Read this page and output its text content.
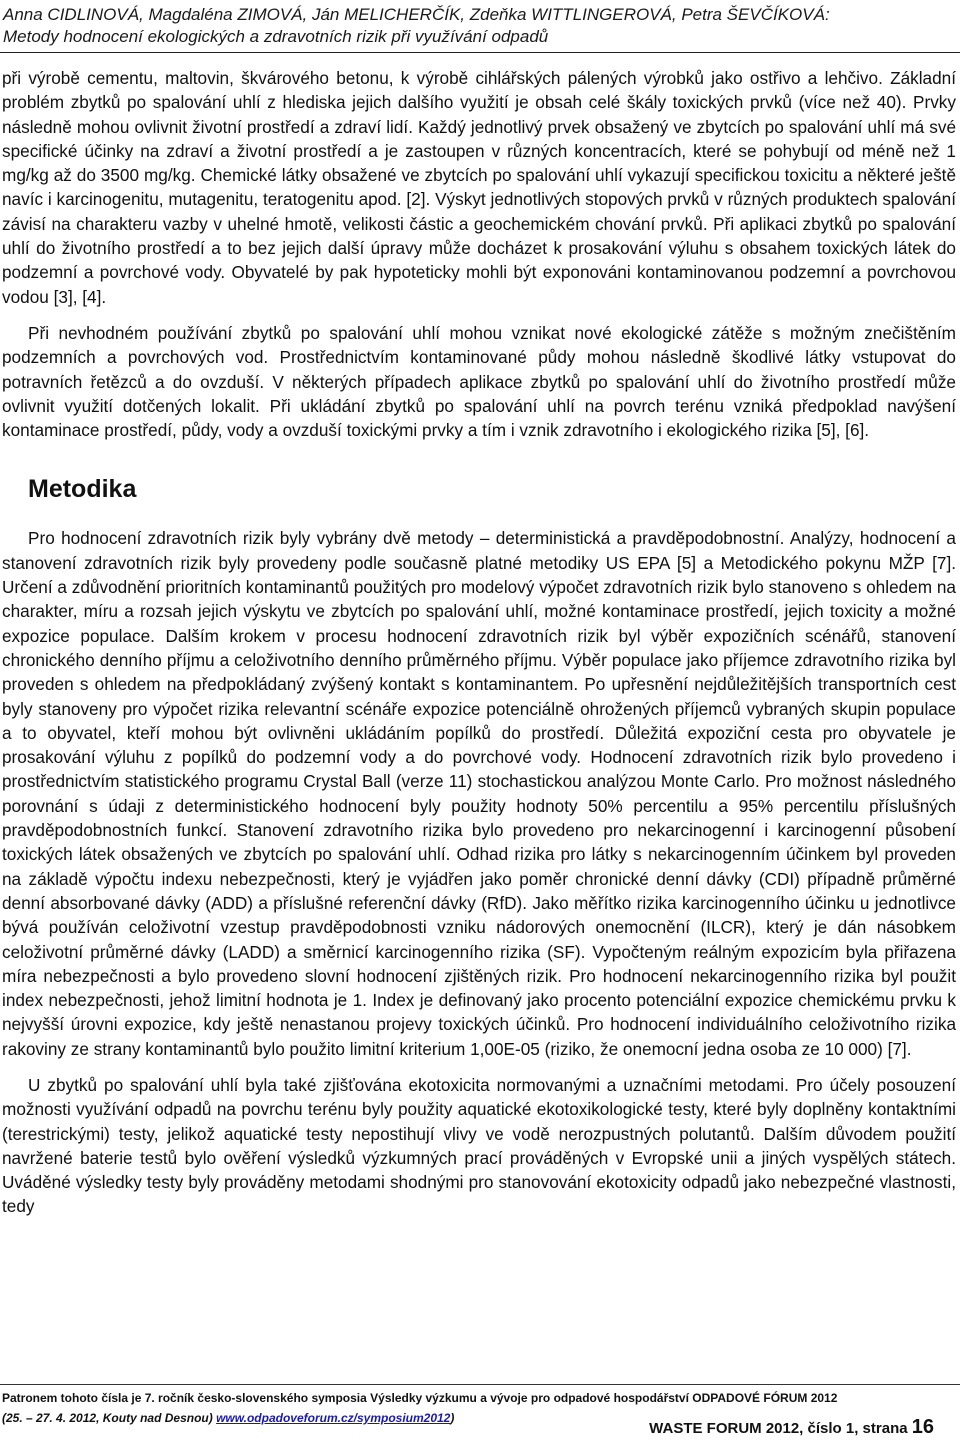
Anna CIDLINOVÁ, Magdaléna ZIMOVÁ, Ján MELICHERČÍK, Zdeňka WITTLINGEROVÁ, Petra ŠEVČÍKOVÁ:
Metody hodnocení ekologických a zdravotních rizik při využívání odpadů

při výrobě cementu, maltovin, škvárového betonu, k výrobě cihlářských pálených výrobků jako ostřivo a lehčivo. Základní problém zbytků po spalování uhlí z hlediska jejich dalšího využití je obsah celé škály toxických prvků (více než 40). Prvky následně mohou ovlivnit životní prostředí a zdraví lidí. Každý jednotlivý prvek obsažený ve zbytcích po spalování uhlí má své specifické účinky na zdraví a životní prostředí a je zastoupen v různých koncentracích, které se pohybují od méně než 1 mg/kg až do 3500 mg/kg. Chemické látky obsažené ve zbytcích po spalování uhlí vykazují specifickou toxicitu a některé ještě navíc i karcinogenitu, mutagenitu, teratogenitu apod. [2]. Výskyt jednotlivých stopových prvků v různých produktech spalování závisí na charakteru vazby v uhelné hmotě, velikosti částic a geochemickém chování prvků. Při aplikaci zbytků po spalování uhlí do životního prostředí a to bez jejich další úpravy může docházet k prosakování výluhu s obsahem toxických látek do podzemní a povrchové vody. Obyvatelé by pak hypoteticky mohli být exponováni kontaminovanou podzemní a povrchovou vodou [3], [4].

Při nevhodném používání zbytků po spalování uhlí mohou vznikat nové ekologické zátěže s možným znečištěním podzemních a povrchových vod. Prostřednictvím kontaminované půdy mohou následně škodlivé látky vstupovat do potravních řetězců a do ovzduší. V některých případech aplikace zbytků po spalování uhlí do životního prostředí může ovlivnit využití dotčených lokalit. Při ukládání zbytků po spalování uhlí na povrch terénu vzniká předpoklad navýšení kontaminace prostředí, půdy, vody a ovzduší toxickými prvky a tím i vznik zdravotního i ekologického rizika [5], [6].

Metodika

Pro hodnocení zdravotních rizik byly vybrány dvě metody – deterministická a pravděpodobnostní. Analýzy, hodnocení a stanovení zdravotních rizik byly provedeny podle současně platné metodiky US EPA [5] a Metodického pokynu MŽP [7]. Určení a zdůvodnění prioritních kontaminantů použitých pro modelový výpočet zdravotních rizik bylo stanoveno s ohledem na charakter, míru a rozsah jejich výskytu ve zbytcích po spalování uhlí, možné kontaminace prostředí, jejich toxicity a možné expozice populace. Dalším krokem v procesu hodnocení zdravotních rizik byl výběr expozičních scénářů, stanovení chronického denního příjmu a celoživotního denního průměrného příjmu. Výběr populace jako příjemce zdravotního rizika byl proveden s ohledem na předpokládaný zvýšený kontakt s kontaminantem. Po upřesnění nejdůležitějších transportních cest byly stanoveny pro výpočet rizika relevantní scénáře expozice potenciálně ohrožených příjemců vybraných skupin populace a to obyvatel, kteří mohou být ovlivněni ukládáním popílků do prostředí. Důležitá expoziční cesta pro obyvatele je prosakování výluhu z popílků do podzemní vody a do povrchové vody. Hodnocení zdravotních rizik bylo provedeno i prostřednictvím statistického programu Crystal Ball (verze 11) stochastickou analýzou Monte Carlo. Pro možnost následného porovnání s údaji z deterministického hodnocení byly použity hodnoty 50% percentilu a 95% percentilu příslušných pravděpodobnostních funkcí. Stanovení zdravotního rizika bylo provedeno pro nekarcinogenní i karcinogenní působení toxických látek obsažených ve zbytcích po spalování uhlí. Odhad rizika pro látky s nekarcinogenním účinkem byl proveden na základě výpočtu indexu nebezpečnosti, který je vyjádřen jako poměr chronické denní dávky (CDI) případně průměrné denní absorbované dávky (ADD) a příslušné referenční dávky (RfD). Jako měřítko rizika karcinogenního účinku u jednotlivce bývá používán celoživotní vzestup pravděpodobnosti vzniku nádorových onemocnění (ILCR), který je dán násobkem celoživotní průměrné dávky (LADD) a směrnicí karcinogenního rizika (SF). Vypočteným reálným expozicím byla přiřazena míra nebezpečnosti a bylo provedeno slovní hodnocení zjištěných rizik. Pro hodnocení nekarcinogenního rizika byl použit index nebezpečnosti, jehož limitní hodnota je 1. Index je definovaný jako procento potenciální expozice chemickému prvku k nejvyšší úrovni expozice, kdy ještě nenastanou projevy toxických účinků. Pro hodnocení individuálního celoživotního rizika rakoviny ze strany kontaminantů bylo použito limitní kriterium 1,00E-05 (riziko, že onemocní jedna osoba ze 10 000) [7].

U zbytků po spalování uhlí byla také zjišťována ekotoxicita normovanými a uznačními metodami. Pro účely posouzení možnosti využívání odpadů na povrchu terénu byly použity aquatické ekotoxikologické testy, které byly doplněny kontaktními (terestrickými) testy, jelikož aquatické testy nepostihují vlivy ve vodě nerozpustných polutantů. Dalším důvodem použití navržené baterie testů bylo ověření výsledků výzkumných prací prováděných v Evropské unii a jiných vyspělých státech. Uváděné výsledky testy byly prováděny metodami shodnými pro stanovování ekotoxicity odpadů jako nebezpečné vlastnosti, tedy

Patronem tohoto čísla je 7. ročník česko-slovenského symposia Výsledky výzkumu a vývoje pro odpadové hospodářství ODPADOVÉ FÓRUM 2012
(25. – 27. 4. 2012, Kouty nad Desnou) www.odpadoveforum.cz/symposium2012)
WASTE FORUM 2012, číslo 1, strana 16
